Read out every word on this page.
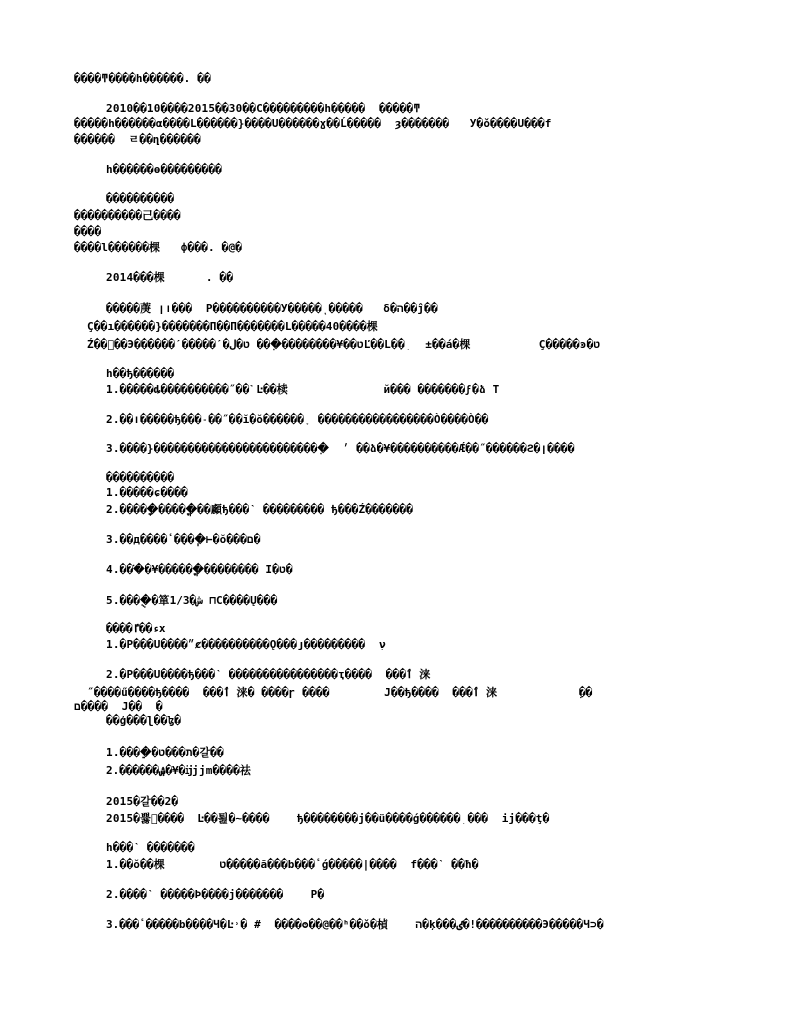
����ͳ����h������. ��
2010��10����2015��30��C���������h�����  ַ�����ͳ
�����h������α����L������}����U������ɣ��Ĺ�����  ȝ�������   У�ǒ����U���f
������  ㄹ��ղ������
h������ɵ���������
����������
����������己����
����
����l������棵   ф���. �@�
2014���棵      . ��
�����菮 ון���  Ρ����������У�����ͺ�����   δ�ה��ĵ��
Ç��ı������}�������Π��Π�������L�����40����棵
Ź���ٰ�Э������ˊ�����ˊ�ט��¥���������ִ�� ט�لĽ��L�ִ� ִ  ±��á�棵          Ç�����ͽ�ט
h��ђ������
1.�����ȡ����������˝�ֺ�˺Ŀ��椟              й��� �������ϝ�ձ T
2.��ו�����ђ���˗��˝�ֺ�ĭ�ŏ������ָ  �����������������Ò����Ò��
3.����}�������������������������ִ  ׳ ��ձ�¥����������Ǽ��˝������ϩ�ן����
����������
1.�����ɕ����
2.�����ָ�����ֳ��顣ђ���ˋ ��������� ђ���Ź�������
3.��д����ٴ�ֻ���ְ⊢�ŏ���ם�
4.���ֹ�¥������ֳ�������� Ι�ט�
5.����ֻ�箪ش�1/3 ⊓C����Ų���
����ء��ٵx
1.�Ρ���U����״ȼ����������Ǫ���յ���������  ִִν
2.�Ρ���U����ђ���ˋ ����������������ҭ����  ���ٲ 涞
˝����ű����ђ����  ���ٲ 涞� ����ɼ ����        Ϳ��ђ����  ���ٲ 涞            ٜ��
ם����  J��  �
��ģ���ɭ��ɮ�
1.����ֵ�ת���ט�갈��
2.������ۺ�¥�ĳjjm����祛
2015�갈��2�
2015�쁋�ٰ���  Ŀ��툂�~����    ђ��������j��ü����ǵ������ִ ���  ij���ţ�
h���ˋ �������
1.��ŏ��棵        ט�����ã���b���ٴǵ�����|����  f���ˋ ��ħ�
2.����ˋ �����Ϸ����j�������    Ρ�
3.���ٴ�����b��ִ��Ч�Ŀ˒� #  ����ʘ��@��ʰ��ǒ�楨    ה�ķ���ٸ�!����������Э�����Ч⊃�
